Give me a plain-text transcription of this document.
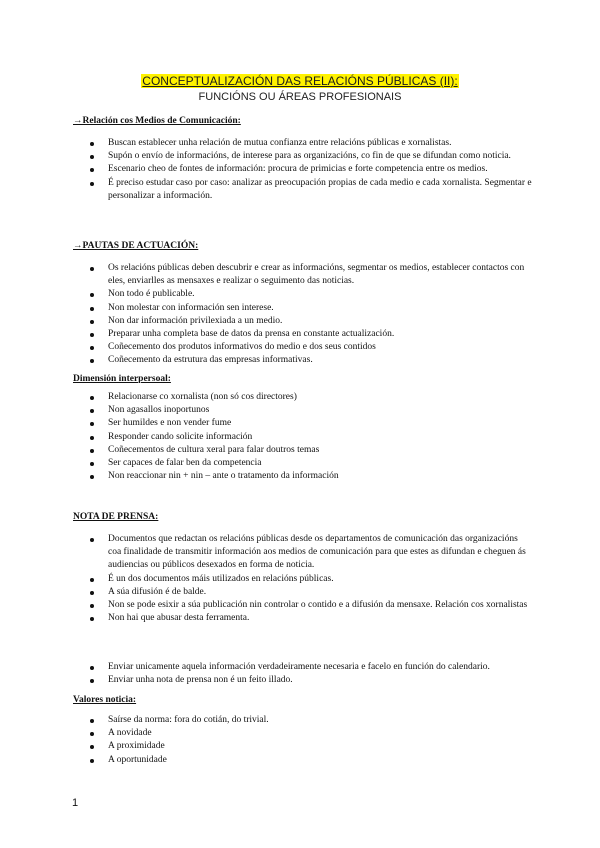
CONCEPTUALIZACIÓN DAS RELACIÓNS PÚBLICAS (II):
FUNCIÓNS OU ÁREAS PROFESIONAIS
→Relación cos Medios de Comunicación:
Buscan establecer unha relación de mutua confianza entre relacións públicas e xornalistas.
Supón o envío de informacións, de interese para as organizacións, co fin de que se difundan como noticia.
Escenario cheo de fontes de información: procura de primicias e forte competencia entre os medios.
É preciso estudar caso por caso: analizar as preocupación propias de cada medio e cada xornalista. Segmentar e personalizar a información.
→PAUTAS DE ACTUACIÓN:
Os relacións públicas deben descubrir e crear as informacións, segmentar os medios, establecer contactos con eles, enviarlles as mensaxes e realizar o seguimento das noticias.
Non todo é publicable.
Non molestar con información sen interese.
Non dar información privilexiada a un medio.
Preparar unha completa base de datos da prensa en constante actualización.
Coñecemento dos produtos informativos do medio e dos seus contidos
Coñecemento da estrutura das empresas informativas.
Dimensión interpersoal:
Relacionarse co xornalista (non só cos directores)
Non agasallos inoportunos
Ser humildes e non vender fume
Responder cando solicite información
Coñecementos de cultura xeral para falar doutros temas
Ser capaces de falar ben da competencia
Non reaccionar nin + nin – ante o tratamento da información
NOTA DE PRENSA:
Documentos que redactan os relacións públicas desde os departamentos de comunicación das organizacións coa finalidade de transmitir información aos medios de comunicación para que estes as difundan e cheguen ás audiencias ou públicos desexados en forma de noticia.
É un dos documentos máis utilizados en relacións públicas.
A súa difusión é de balde.
Non se pode esixir a súa publicación nin controlar o contido e a difusión da mensaxe. Relación cos xornalistas
Non hai que abusar desta ferramenta.
Enviar unicamente aquela información verdadeiramente necesaria e facelo en función do calendario.
Enviar unha nota de prensa non é un feito illado.
Valores noticia:
Saírse da norma: fora do cotián, do trivial.
A novidade
A proximidade
A oportunidade
1
